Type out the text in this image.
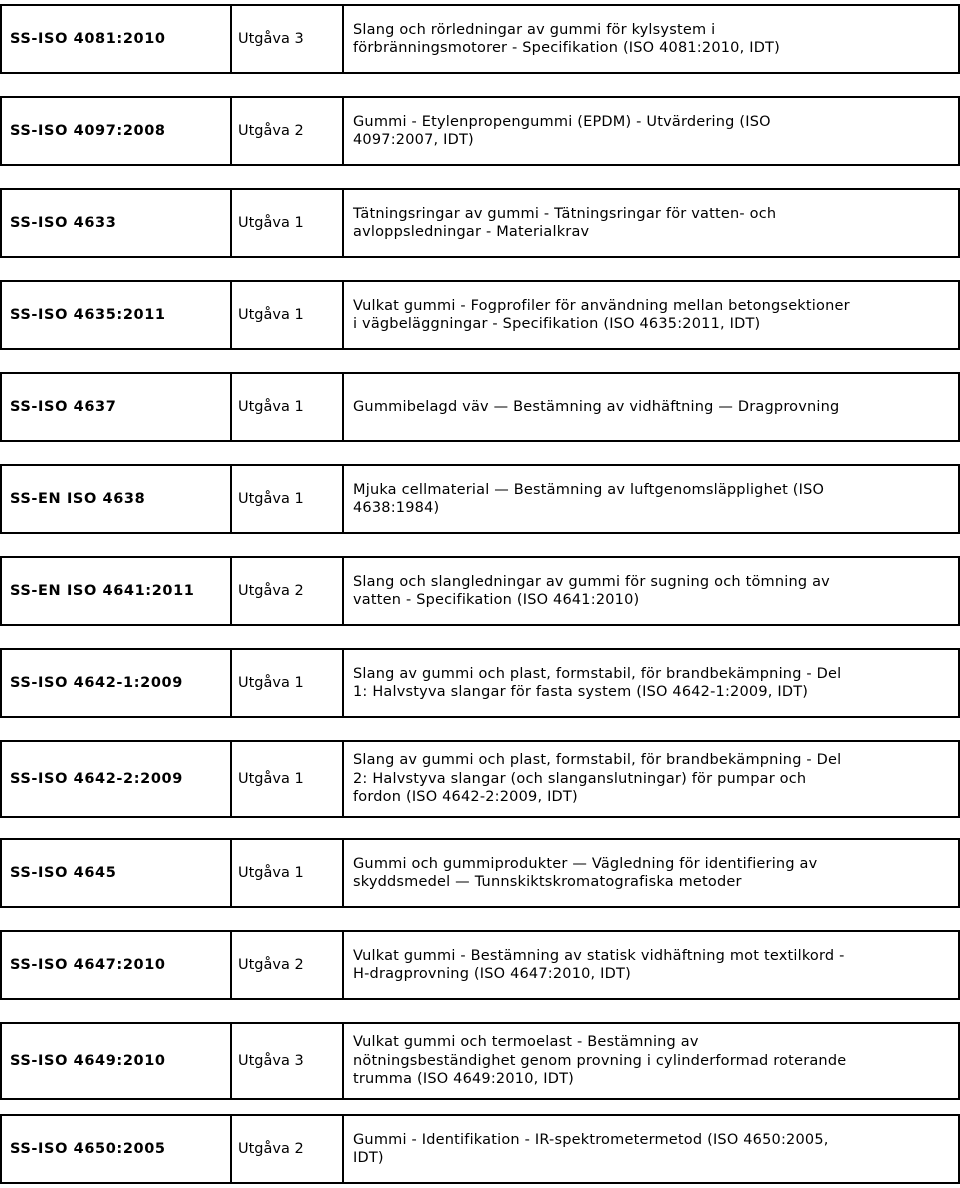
SS-ISO 4081:2010	Utgåva 3
Slang och rörledningar av gummi för kylsystem i
förbränningsmotorer - Specifikation (ISO 4081:2010, IDT)
SS-ISO 4097:2008	Utgåva 2
Gummi - Etylenpropengummi (EPDM) - Utvärdering (ISO
4097:2007, IDT)
SS-ISO 4633	Utgåva 1
Tätningsringar av gummi - Tätningsringar för vatten- och
avloppsledningar - Materialkrav
SS-ISO 4635:2011	Utgåva 1
Vulkat gummi - Fogprofiler för användning mellan betongsektioner
i vägbeläggningar - Specifikation (ISO 4635:2011, IDT)
SS-ISO 4637	Utgåva 1	Gummibelagd väv — Bestämning av vidhäftning — Dragprovning
SS-EN ISO 4638	Utgåva 1
Mjuka cellmaterial — Bestämning av luftgenomsläpplighet (ISO
4638:1984)
SS-EN ISO 4641:2011	Utgåva 2
Slang och slangledningar av gummi för sugning och tömning av
vatten - Specifikation (ISO 4641:2010)
SS-ISO 4642-1:2009	Utgåva 1
Slang av gummi och plast, formstabil, för brandbekämpning - Del
1: Halvstyva slangar för fasta system (ISO 4642-1:2009, IDT)
SS-ISO 4642-2:2009	Utgåva 1
Slang av gummi och plast, formstabil, för brandbekämpning - Del
2: Halvstyva slangar (och slanganslutningar) för pumpar och
fordon (ISO 4642-2:2009, IDT)
SS-ISO 4645	Utgåva 1
Gummi och gummiprodukter — Vägledning för identifiering av
skyddsmedel — Tunnskiktskromatografiska metoder
SS-ISO 4647:2010	Utgåva 2
Vulkat gummi - Bestämning av statisk vidhäftning mot textilkord -
H-dragprovning (ISO 4647:2010, IDT)
SS-ISO 4649:2010	Utgåva 3
Vulkat gummi och termoelast - Bestämning av
nötningsbeständighet genom provning i cylinderformad roterande
trumma (ISO 4649:2010, IDT)
SS-ISO 4650:2005	Utgåva 2
Gummi - Identifikation - IR-spektrometermetod (ISO 4650:2005,
IDT)
